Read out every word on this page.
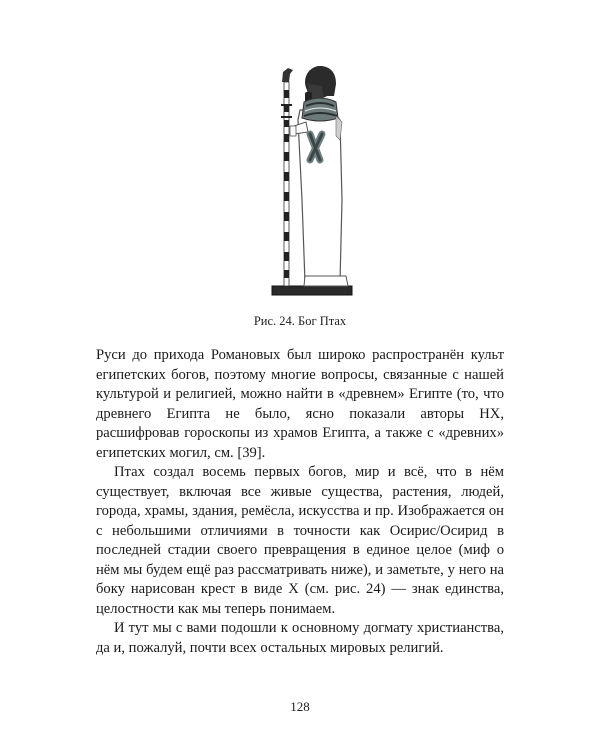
Рис. 24. Бог Птах

Руси до прихода Романовых был широко распространён культ египетских богов, поэтому многие вопросы, связанные с нашей культурой и религией, можно найти в «древнем» Египте (то, что древнего Египта не было, ясно показали авторы НХ, расшифровав гороскопы из храмов Египта, а также с «древних» египетских могил, см. [39].

Птах создал восемь первых богов, мир и всё, что в нём существует, включая все живые существа, растения, людей, города, храмы, здания, ремёсла, искусства и пр. Изображается он с небольшими отличиями в точности как Осирис/Осирид в последней стадии своего превращения в единое целое (миф о нём мы будем ещё раз рассматривать ниже), и заметьте, у него на боку нарисован крест в виде Х (см. рис. 24) — знак единства, целостности как мы теперь понимаем.

И тут мы с вами подошли к основному догмату христианства, да и, пожалуй, почти всех остальных мировых религий.

128
